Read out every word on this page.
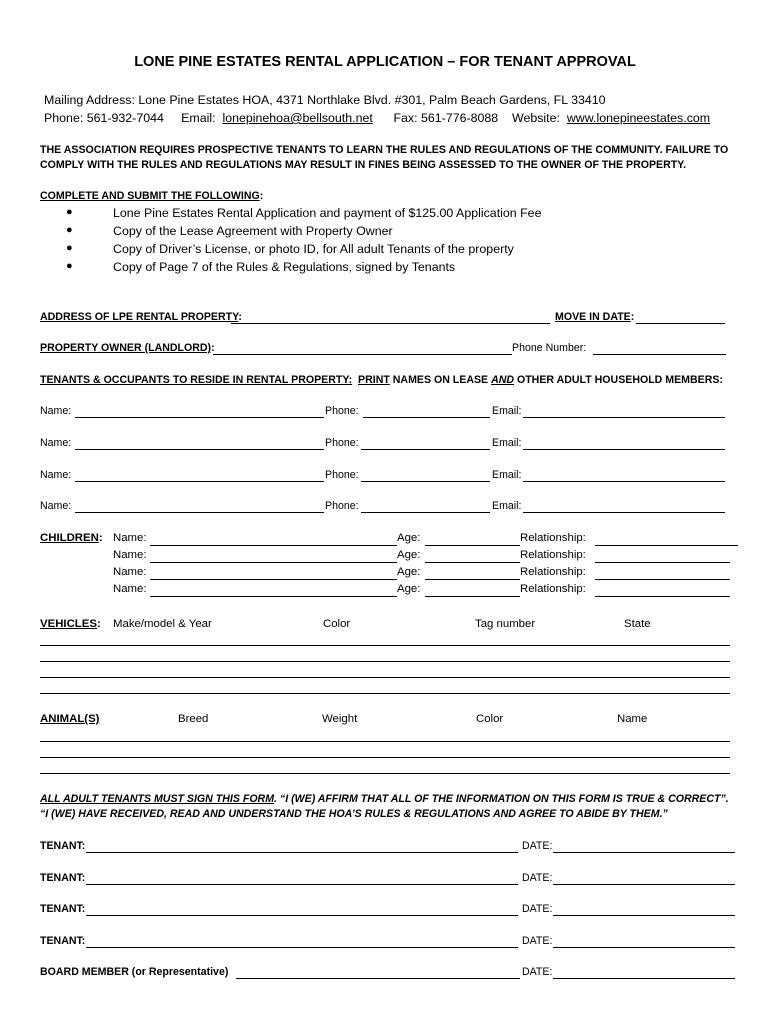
LONE PINE ESTATES RENTAL APPLICATION – FOR TENANT APPROVAL
Mailing Address: Lone Pine Estates HOA, 4371 Northlake Blvd. #301, Palm Beach Gardens, FL 33410
Phone: 561-932-7044 Email: lonepinehoa@bellsouth.net Fax: 561-776-8088 Website: www.lonepineestates.com
THE ASSOCIATION REQUIRES PROSPECTIVE TENANTS TO LEARN THE RULES AND REGULATIONS OF THE COMMUNITY. FAILURE TO
COMPLY WITH THE RULES AND REGULATIONS MAY RESULT IN FINES BEING ASSESSED TO THE OWNER OF THE PROPERTY.
COMPLETE AND SUBMIT THE FOLLOWING:
●	Lone Pine Estates Rental Application and payment of $125.00 Application Fee
●	Copy of the Lease Agreement with Property Owner
●	Copy of Driver’s License, or photo ID, for All adult Tenants of the property
●	Copy of Page 7 of the Rules & Regulations, signed by Tenants
ADDRESS OF LPE RENTAL PROPERTY:	MOVE IN DATE:
PROPERTY OWNER (LANDLORD):	Phone Number:
TENANTS & OCCUPANTS TO RESIDE IN RENTAL PROPERTY: PRINT NAMES ON LEASE AND OTHER ADULT HOUSEHOLD MEMBERS:
Name:	Phone:	Email:
Name:	Phone:	Email:
Name:	Phone:	Email:
Name:	Phone:	Email:
CHILDREN: Name:	Age:	Relationship:
Name:	Age:	Relationship:
Name:	Age:	Relationship:
Name:	Age:	Relationship:
VEHICLES: Make/model & Year	Color	Tag number	State
ANIMAL(S)	Breed	Weight	Color	Name
ALL ADULT TENANTS MUST SIGN THIS FORM. “I (WE) AFFIRM THAT ALL OF THE INFORMATION ON THIS FORM IS TRUE & CORRECT”.
“I (WE) HAVE RECEIVED, READ AND UNDERSTAND THE HOA’S RULES & REGULATIONS AND AGREE TO ABIDE BY THEM.”
TENANT:	DATE:
TENANT:	DATE:
TENANT:	DATE:
TENANT:	DATE:
BOARD MEMBER (or Representative)	DATE:
